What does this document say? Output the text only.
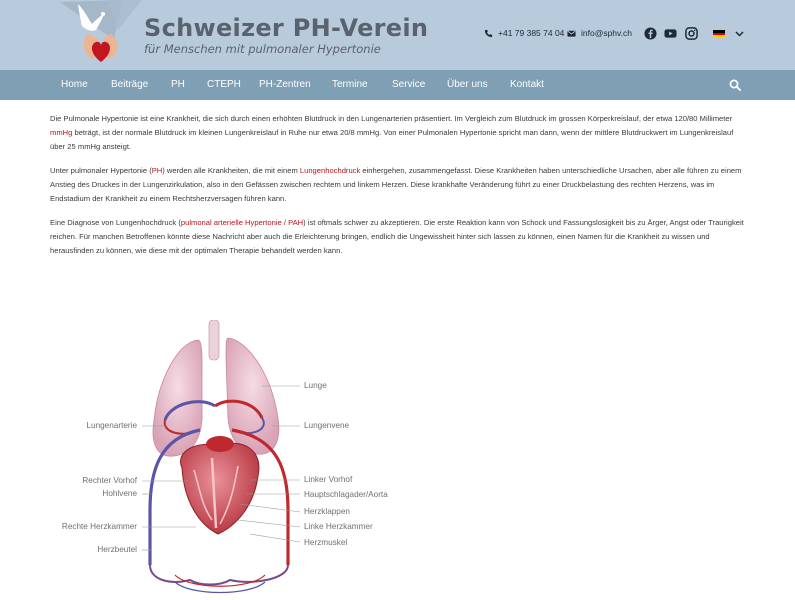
Schweizer PH-Verein
für Menschen mit pulmonaler Hypertonie
+41 79 385 74 04 info@sphv.ch
Home Beiträge PH CTEPH PH-Zentren Termine Service Über uns Kontakt

Die Pulmonale Hypertonie ist eine Krankheit, die sich durch einen erhöhten Blutdruck in den Lungenarterien präsentiert. Im Vergleich zum Blutdruck im grossen Körperkreislauf, der etwa 120/80 Millimeter mmHg beträgt, ist der normale Blutdruck im kleinen Lungenkreislauf in Ruhe nur etwa 20/8 mmHg. Von einer Pulmonalen Hypertonie spricht man dann, wenn der mittlere Blutdruckwert im Lungenkreislauf über 25 mmHg ansteigt.

Unter pulmonaler Hypertonie (PH) werden alle Krankheiten, die mit einem Lungenhochdruck einhergehen, zusammengefasst. Diese Krankheiten haben unterschiedliche Ursachen, aber alle führen zu einem Anstieg des Druckes in der Lungenzirkulation, also in den Gefässen zwischen rechtem und linkem Herzen. Diese krankhafte Veränderung führt zu einer Druckbelastung des rechten Herzens, was im Endstadium der Krankheit zu einem Rechtsherzversagen führen kann.

Eine Diagnose von Lungenhochdruck (pulmonal arterielle Hypertonie / PAH) ist oftmals schwer zu akzeptieren. Die erste Reaktion kann von Schock und Fassungslosigkeit bis zu Ärger, Angst oder Traurigkeit reichen. Für manchen Betroffenen könnte diese Nachricht aber auch die Erleichterung bringen, endlich die Ungewissheit hinter sich lassen zu können, einen Namen für die Krankheit zu wissen und herausfinden zu können, wie diese mit der optimalen Therapie behandelt werden kann.

Lungenarterie
Rechter Vorhof
Hohlvene
Rechte Herzkammer
Herzbeutel
Lunge
Lungenvene
Linker Vorhof
Hauptschlagader/Aorta
Herzklappen
Linke Herzkammer
Herzmuskel
